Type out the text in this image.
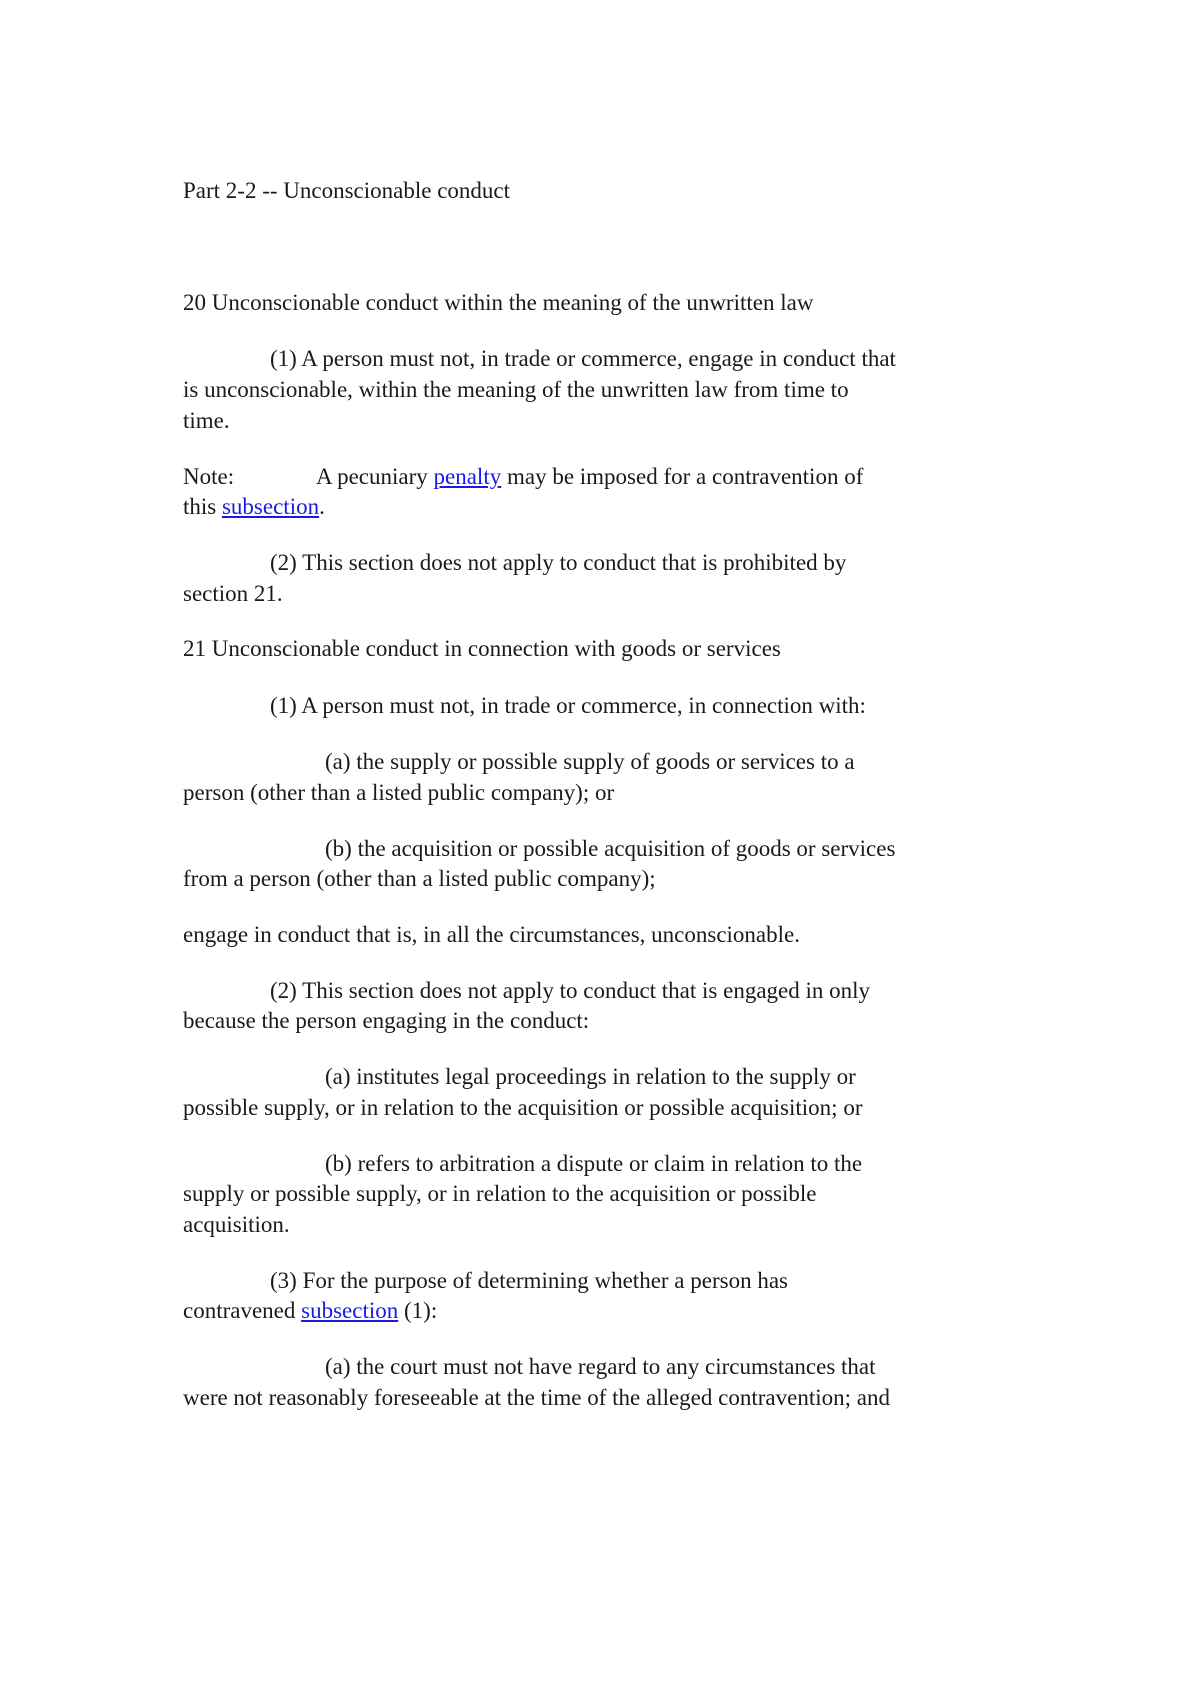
Part 2-2 -- Unconscionable conduct
20 Unconscionable conduct within the meaning of the unwritten law
(1) A person must not, in trade or commerce, engage in conduct that
is unconscionable, within the meaning of the unwritten law from time to
time.
Note:	A pecuniary penalty may be imposed for a contravention of
this subsection.
(2) This section does not apply to conduct that is prohibited by
section 21.
21 Unconscionable conduct in connection with goods or services
(1) A person must not, in trade or commerce, in connection with:
(a) the supply or possible supply of goods or services to a
person (other than a listed public company); or
(b) the acquisition or possible acquisition of goods or services
from a person (other than a listed public company);
engage in conduct that is, in all the circumstances, unconscionable.
(2) This section does not apply to conduct that is engaged in only
because the person engaging in the conduct:
(a) institutes legal proceedings in relation to the supply or
possible supply, or in relation to the acquisition or possible acquisition; or
(b) refers to arbitration a dispute or claim in relation to the
supply or possible supply, or in relation to the acquisition or possible
acquisition.
(3) For the purpose of determining whether a person has
contravened subsection (1):
(a) the court must not have regard to any circumstances that
were not reasonably foreseeable at the time of the alleged contravention; and
